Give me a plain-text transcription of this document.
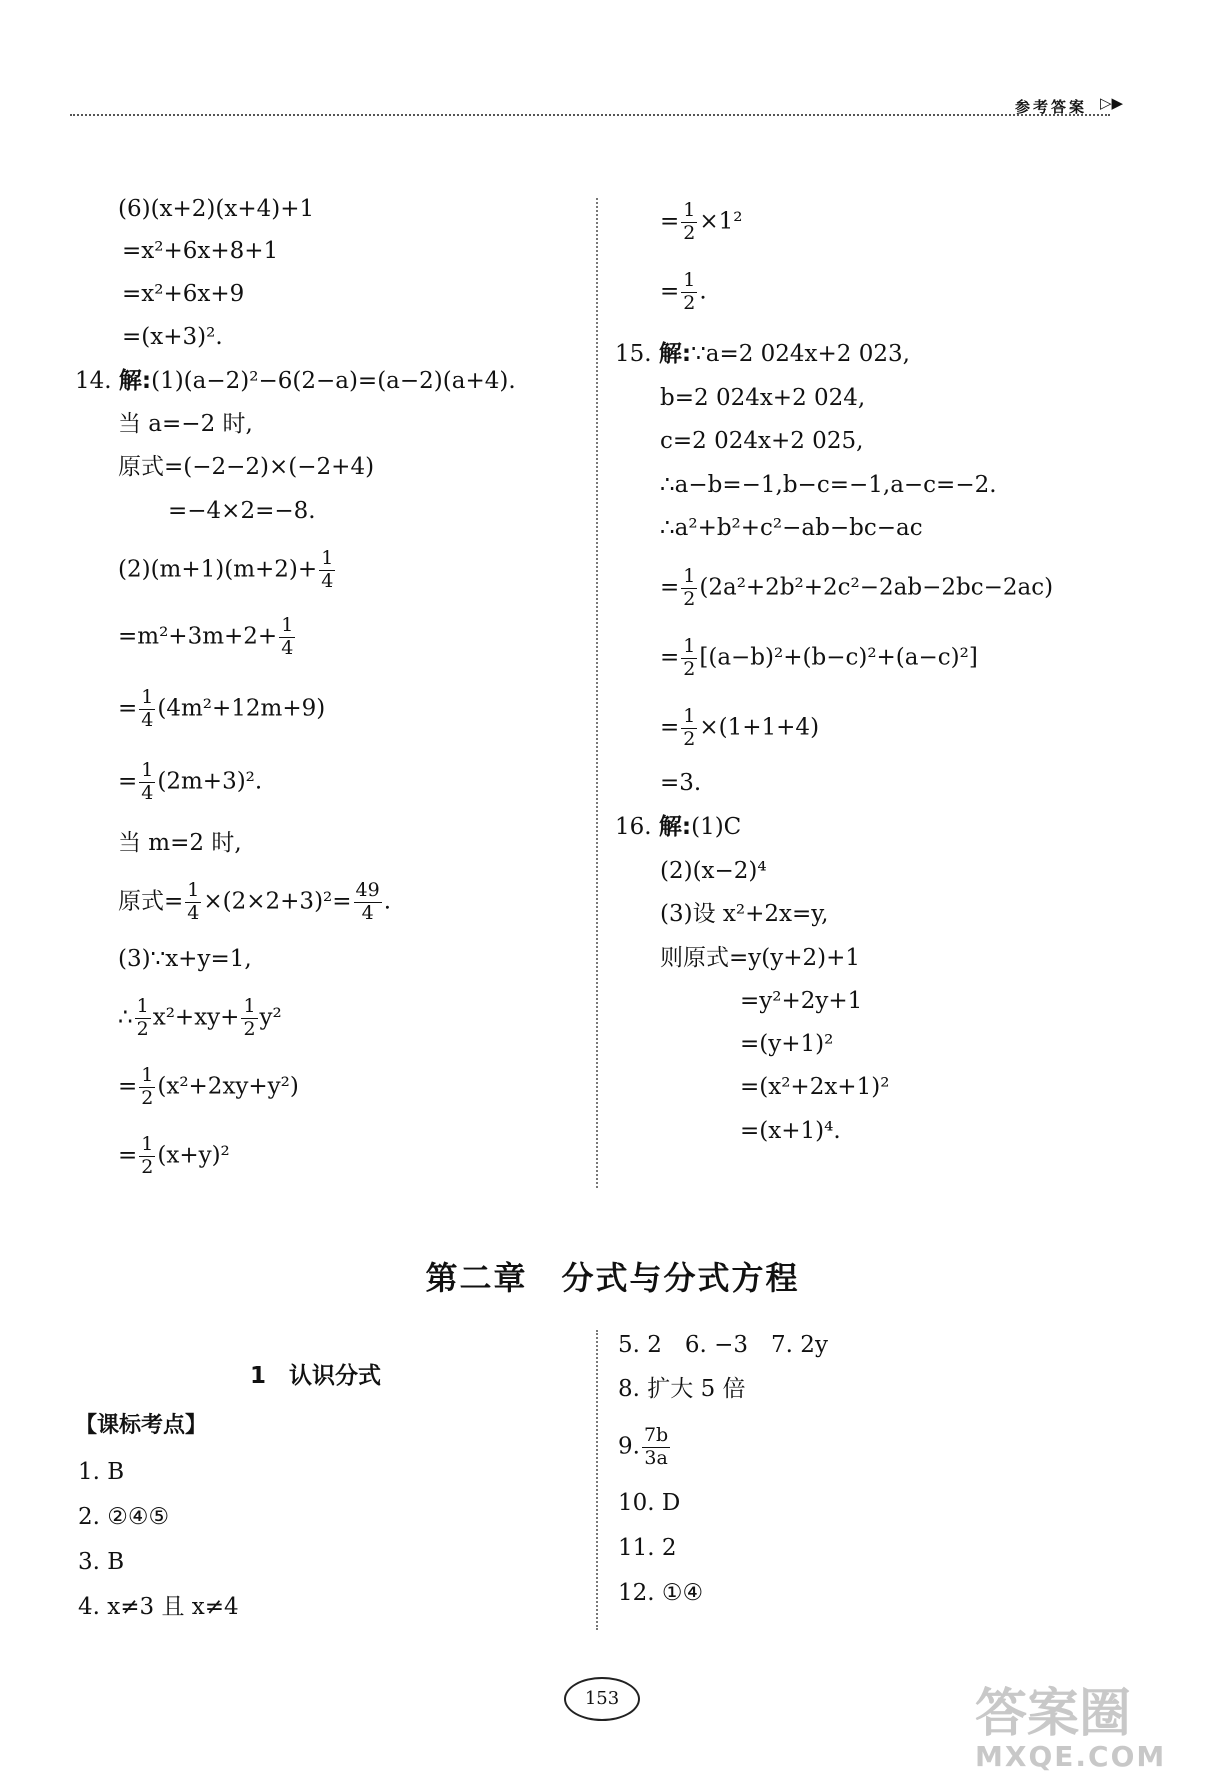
参考答案 ▷▶
(6)(x+2)(x+4)+1
=x²+6x+8+1
=x²+6x+9
=(x+3)².
14. 解:(1)(a−2)²−6(2−a)=(a−2)(a+4).
当 a=−2 时,
原式=(−2−2)×(−2+4)
=−4×2=−8.
$(2)(m+1)(m+2)+ \frac{1}{4}$
$=m^2+3m+2+ \frac{1}{4}$
= $\frac{1}{4} (4m^2+12m+9)$
= $\frac{1}{4} (2m+3)^2$.
当 m=2 时,
原式= $\frac{1}{4} \times(2\times 2+3)^2= \frac{49}{4}$ .
(3)∵x+y=1,
∴ $\frac{1}{2} x^2+xy+ \frac{1}{2} y^2$
= $\frac{1}{2} (x^2+2xy+y^2)$
= $\frac{1}{2} (x+y)^2$
= $\frac{1}{2} \times 1^2$
= $\frac{1}{2}$ .
15. 解:∵a=2 024x+2 023,
b=2 024x+2 024,
c=2 024x+2 025,
∴a−b=−1,b−c=−1,a−c=−2.
∴a²+b²+c²−ab−bc−ac
= $\frac{1}{2} (2a^2+2b^2+2c^2-2ab-2bc-2ac)$
= $\frac{1}{2} [(a-b)^2+(b-c)^2+(a-c)^2]$
= $\frac{1}{2} \times(1+1+4)$
=3.
16. 解:(1)C
(2)(x−2)⁴
(3)设 x²+2x=y,
则原式=y(y+2)+1
=y²+2y+1
=(y+1)²
=(x²+2x+1)²
=(x+1)⁴.
第二章　分式与分式方程
1　认识分式
【课标考点】
1. B
2. ②④⑤
3. B
4. x≠3 且 x≠4
5. 2　6. −3　7. 2y
8. 扩大 5 倍
9. $\frac{7b}{3a}$
10. D
11. 2
12. ①④
153	答案圈
MXQE.COM
